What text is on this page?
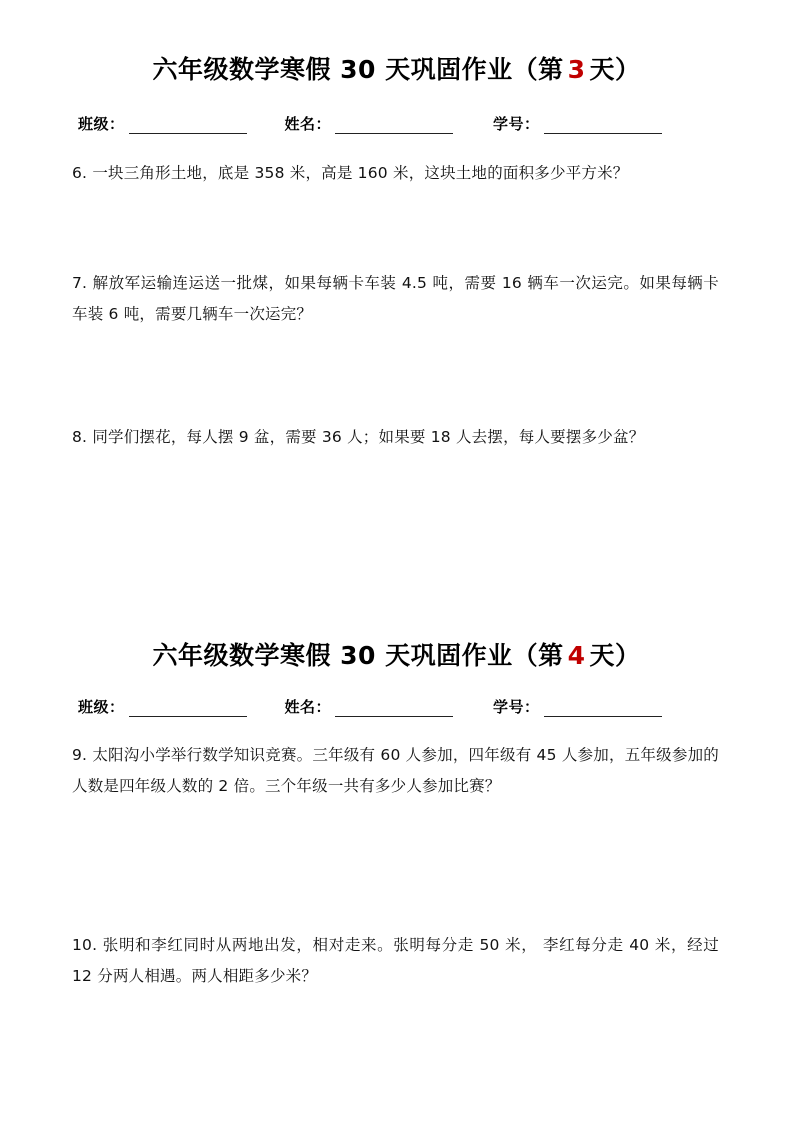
六年级数学寒假 30 天巩固作业（第 3 天）
班级：	姓名：	学号：
6. 一块三角形土地，底是 358 米，高是 160 米，这块土地的面积多少平方米？
7. 解放军运输连运送一批煤，如果每辆卡车装 4.5 吨，需要 16 辆车一次运完。如果每辆卡车装 6 吨，需要几辆车一次运完？
8. 同学们摆花，每人摆 9 盆，需要 36 人；如果要 18 人去摆，每人要摆多少盆？
六年级数学寒假 30 天巩固作业（第 4 天）
班级：	姓名：	学号：
9. 太阳沟小学举行数学知识竞赛。三年级有 60 人参加，四年级有 45 人参加，五年级参加的人数是四年级人数的 2 倍。三个年级一共有多少人参加比赛？
10. 张明和李红同时从两地出发，相对走来。张明每分走 50 米， 李红每分走 40 米，经过 12 分两人相遇。两人相距多少米？
